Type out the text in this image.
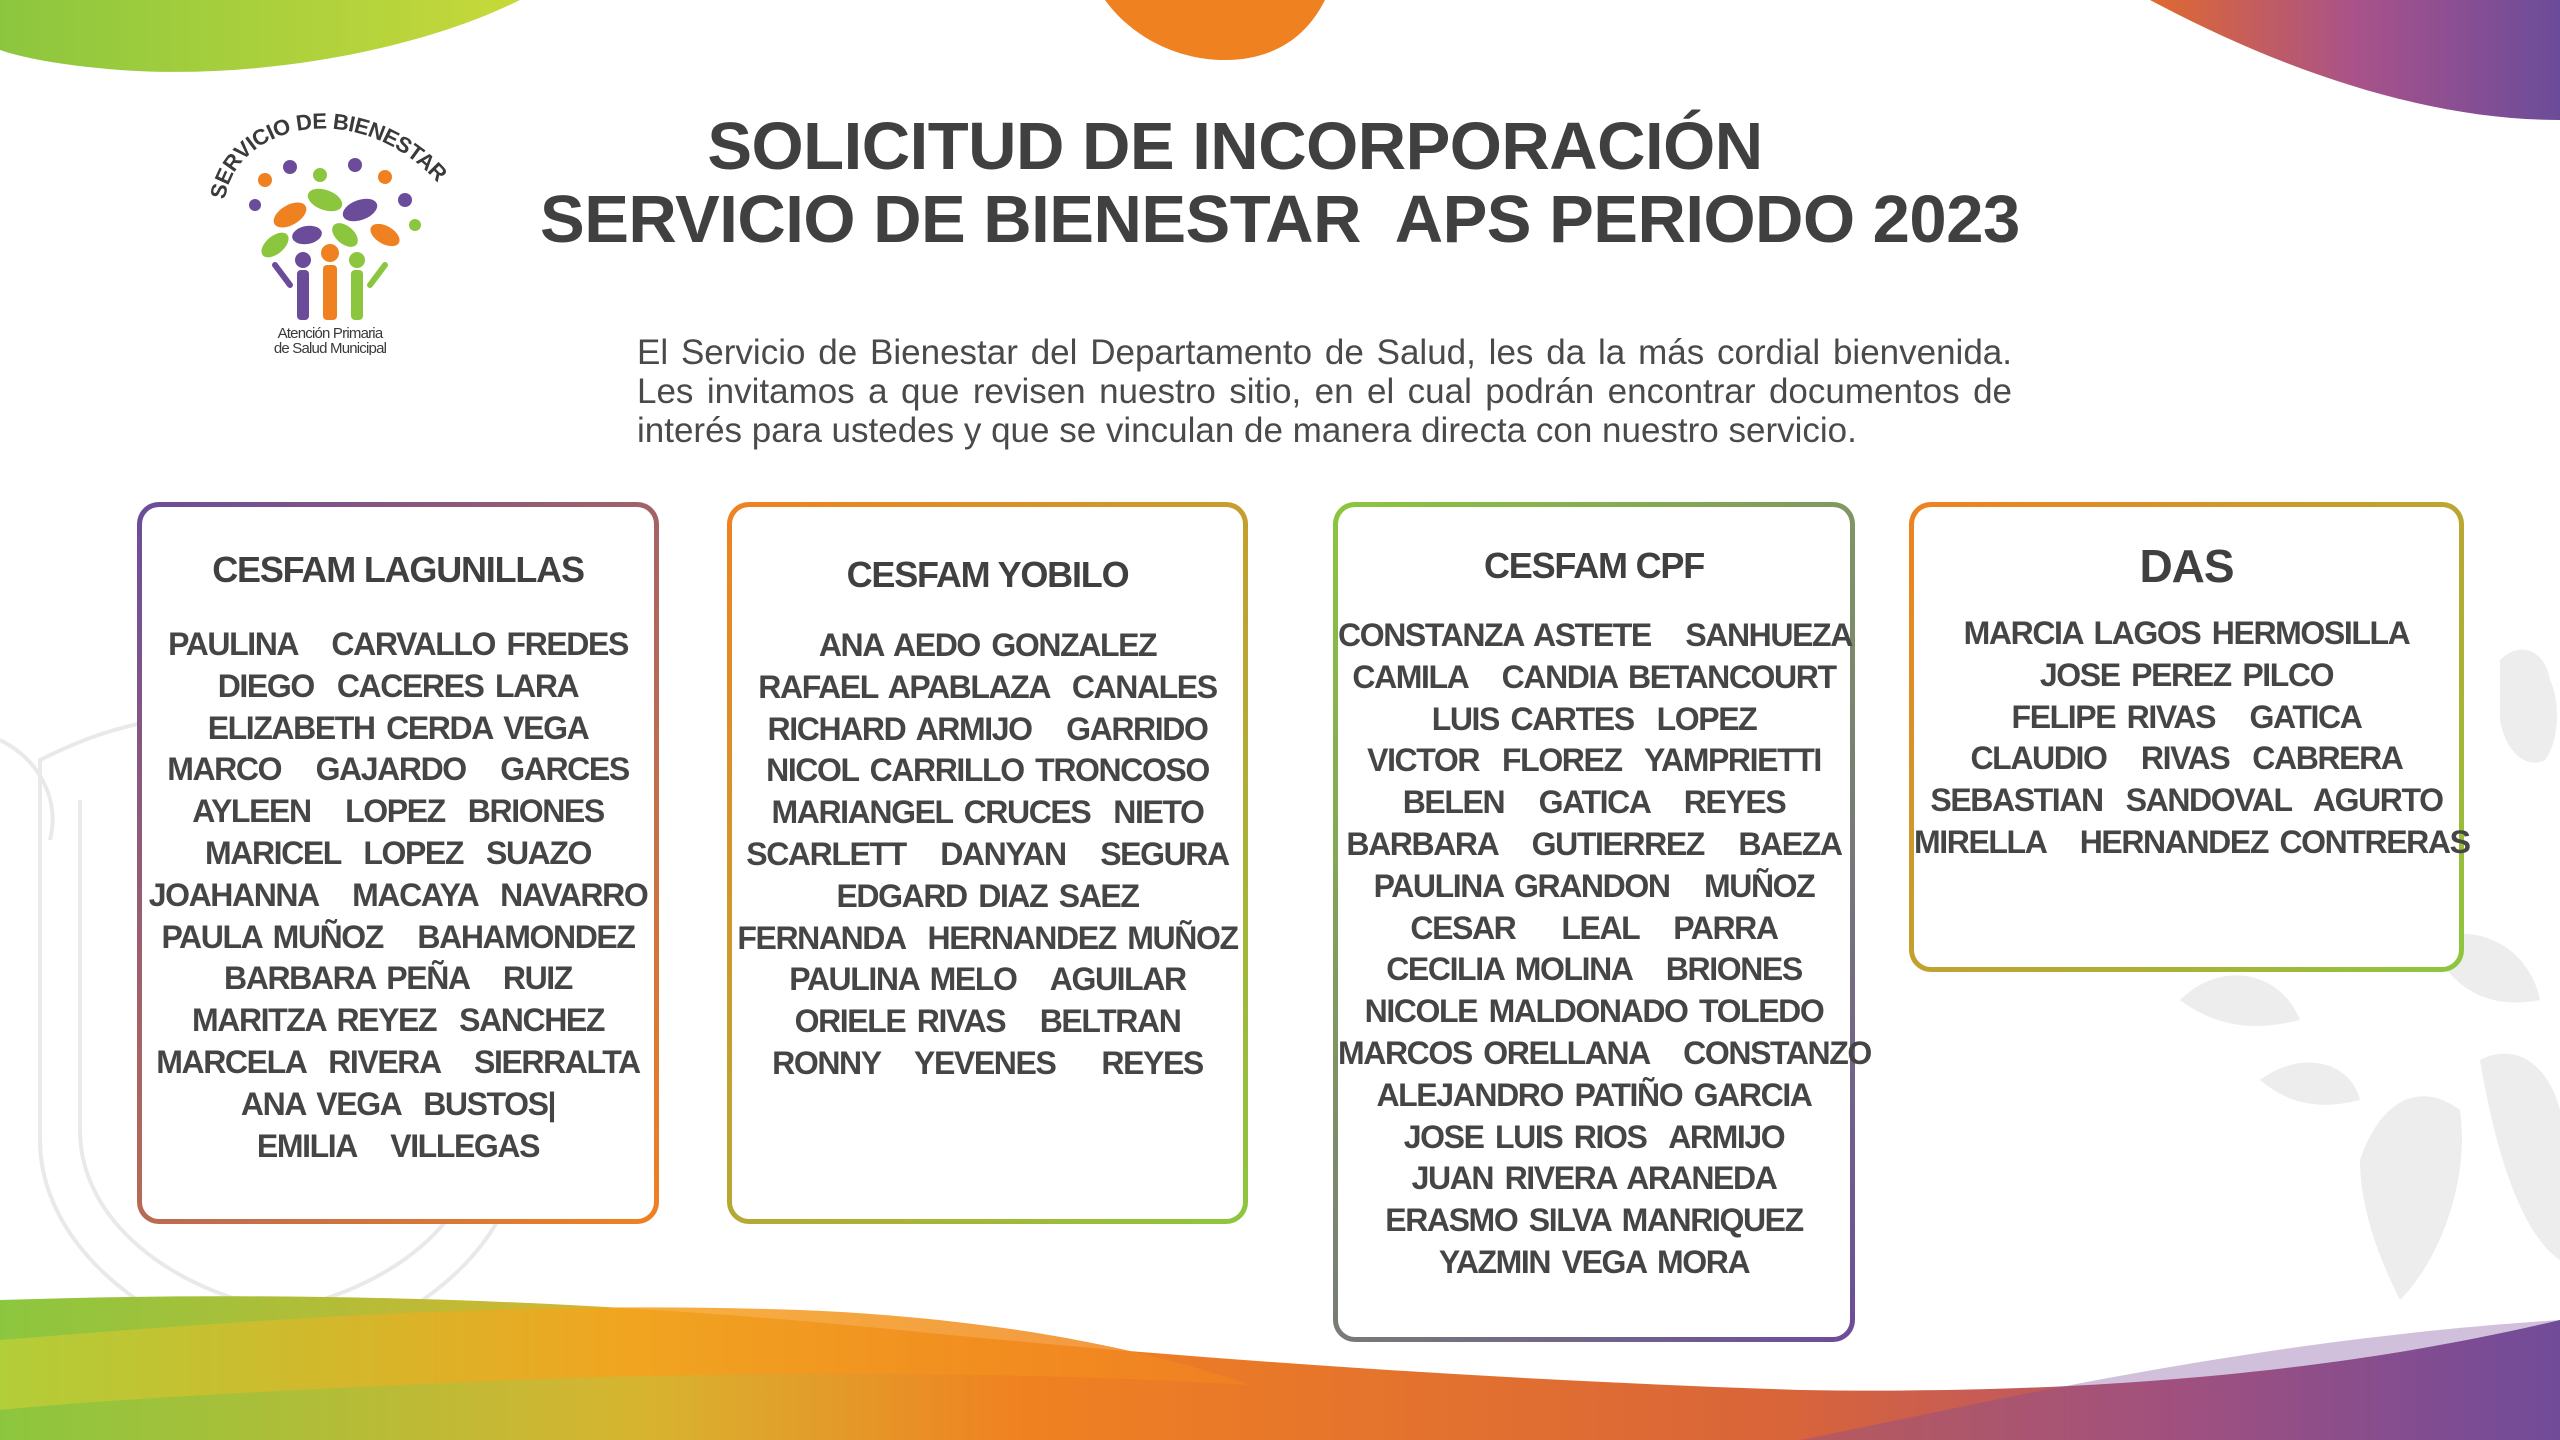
SERVICIO DE BIENESTAR
Atención Primaria
de Salud Municipal
SOLICITUD DE INCORPORACIÓN
SERVICIO DE BIENESTAR  APS PERIODO 2023

El Servicio de Bienestar del Departamento de Salud, les da la más cordial bienvenida. Les invitamos a que revisen nuestro sitio, en el cual podrán encontrar documentos de interés para ustedes y que se vinculan de manera directa con nuestro servicio.

CESFAM LAGUNILLAS
PAULINA   CARVALLO FREDES
DIEGO  CACERES LARA
ELIZABETH CERDA VEGA
MARCO   GAJARDO   GARCES
AYLEEN   LOPEZ  BRIONES
MARICEL  LOPEZ  SUAZO
JOAHANNA   MACAYA  NAVARRO
PAULA MUÑOZ   BAHAMONDEZ
BARBARA PEÑA   RUIZ
MARITZA REYEZ  SANCHEZ
MARCELA  RIVERA   SIERRALTA
ANA VEGA  BUSTOS|
EMILIA   VILLEGAS
CESFAM YOBILO
ANA AEDO GONZALEZ
RAFAEL APABLAZA  CANALES
RICHARD ARMIJO   GARRIDO
NICOL CARRILLO TRONCOSO
MARIANGEL CRUCES  NIETO
SCARLETT   DANYAN   SEGURA
EDGARD DIAZ SAEZ
FERNANDA  HERNANDEZ MUÑOZ
PAULINA MELO   AGUILAR
ORIELE RIVAS   BELTRAN
RONNY   YEVENES    REYES
CESFAM CPF
CONSTANZA ASTETE   SANHUEZA
CAMILA   CANDIA BETANCOURT
LUIS CARTES  LOPEZ
VICTOR  FLOREZ  YAMPRIETTI
BELEN   GATICA   REYES
BARBARA   GUTIERREZ   BAEZA
PAULINA GRANDON   MUÑOZ
CESAR    LEAL   PARRA
CECILIA MOLINA   BRIONES
NICOLE MALDONADO TOLEDO
MARCOS ORELLANA   CONSTANZO
ALEJANDRO PATIÑO GARCIA
JOSE LUIS RIOS  ARMIJO
JUAN RIVERA ARANEDA
ERASMO SILVA MANRIQUEZ
YAZMIN VEGA MORA
DAS
MARCIA LAGOS HERMOSILLA
JOSE PEREZ PILCO
FELIPE RIVAS   GATICA
CLAUDIO   RIVAS  CABRERA
SEBASTIAN  SANDOVAL  AGURTO
MIRELLA   HERNANDEZ CONTRERAS
